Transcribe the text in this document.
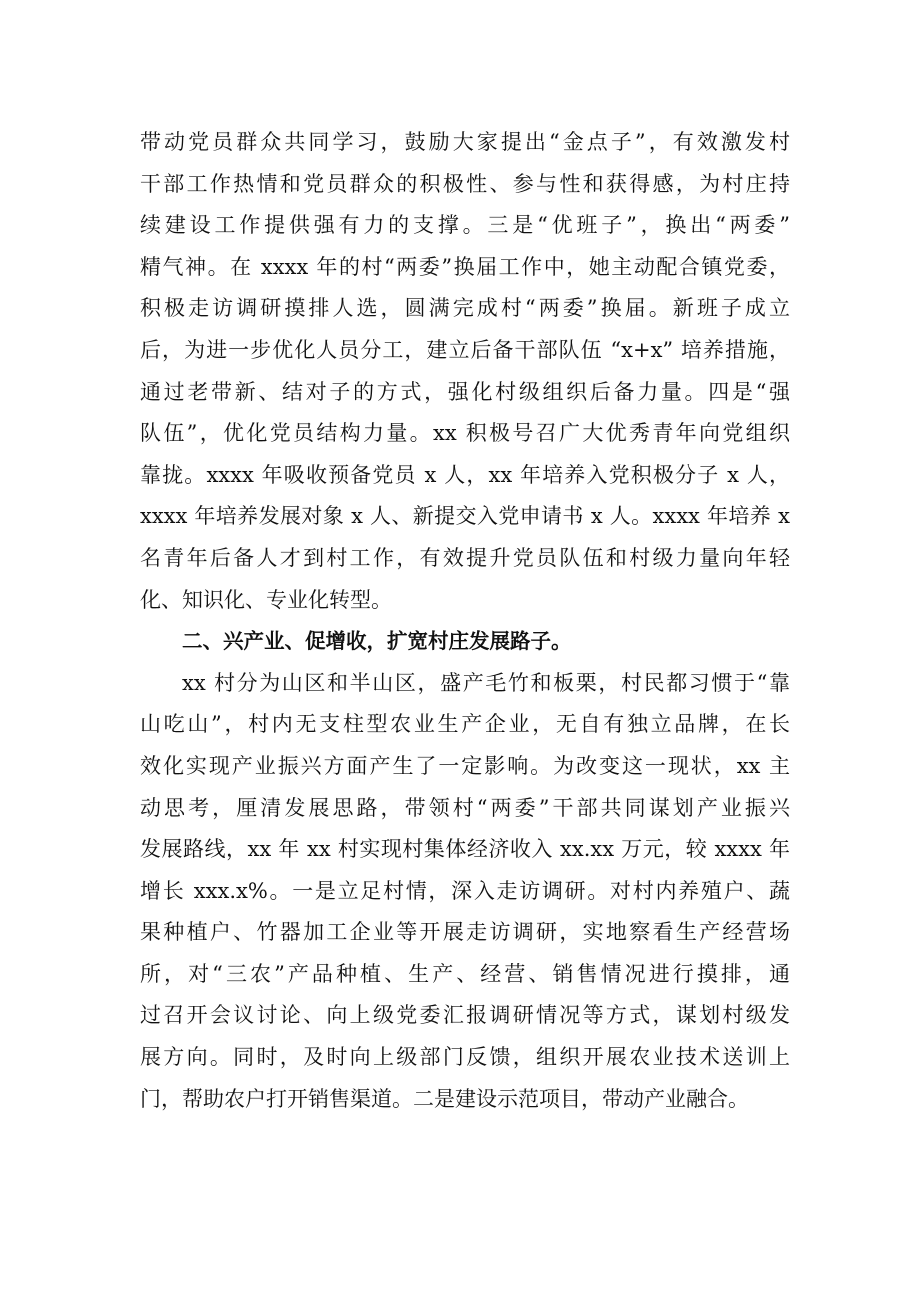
带动党员群众共同学习，鼓励大家提出“金点子”，有效激发村
干部工作热情和党员群众的积极性、参与性和获得感，为村庄持
续建设工作提供强有力的支撑。三是“优班子”，换出“两委”
精气神。在 xxxx 年的村“两委”换届工作中，她主动配合镇党委，
积极走访调研摸排人选，圆满完成村“两委”换届。新班子成立
后，为进一步优化人员分工，建立后备干部队伍 “x+x” 培养措施，
通过老带新、结对子的方式，强化村级组织后备力量。四是“强
队伍”，优化党员结构力量。xx 积极号召广大优秀青年向党组织
靠拢。xxxx 年吸收预备党员 x 人，xx 年培养入党积极分子 x 人，
xxxx 年培养发展对象 x 人、新提交入党申请书 x 人。xxxx 年培养 x
名青年后备人才到村工作，有效提升党员队伍和村级力量向年轻
化、知识化、专业化转型。
二、兴产业、促增收，扩宽村庄发展路子。
xx 村分为山区和半山区，盛产毛竹和板栗，村民都习惯于“靠
山吃山”，村内无支柱型农业生产企业，无自有独立品牌，在长
效化实现产业振兴方面产生了一定影响。为改变这一现状，xx 主
动思考，厘清发展思路，带领村“两委”干部共同谋划产业振兴
发展路线，xx 年 xx 村实现村集体经济收入 xx.xx 万元，较 xxxx 年
增长 xxx.x%。一是立足村情，深入走访调研。对村内养殖户、蔬
果种植户、竹器加工企业等开展走访调研，实地察看生产经营场
所，对“三农”产品种植、生产、经营、销售情况进行摸排，通
过召开会议讨论、向上级党委汇报调研情况等方式，谋划村级发
展方向。同时，及时向上级部门反馈，组织开展农业技术送训上
门，帮助农户打开销售渠道。二是建设示范项目，带动产业融合。
